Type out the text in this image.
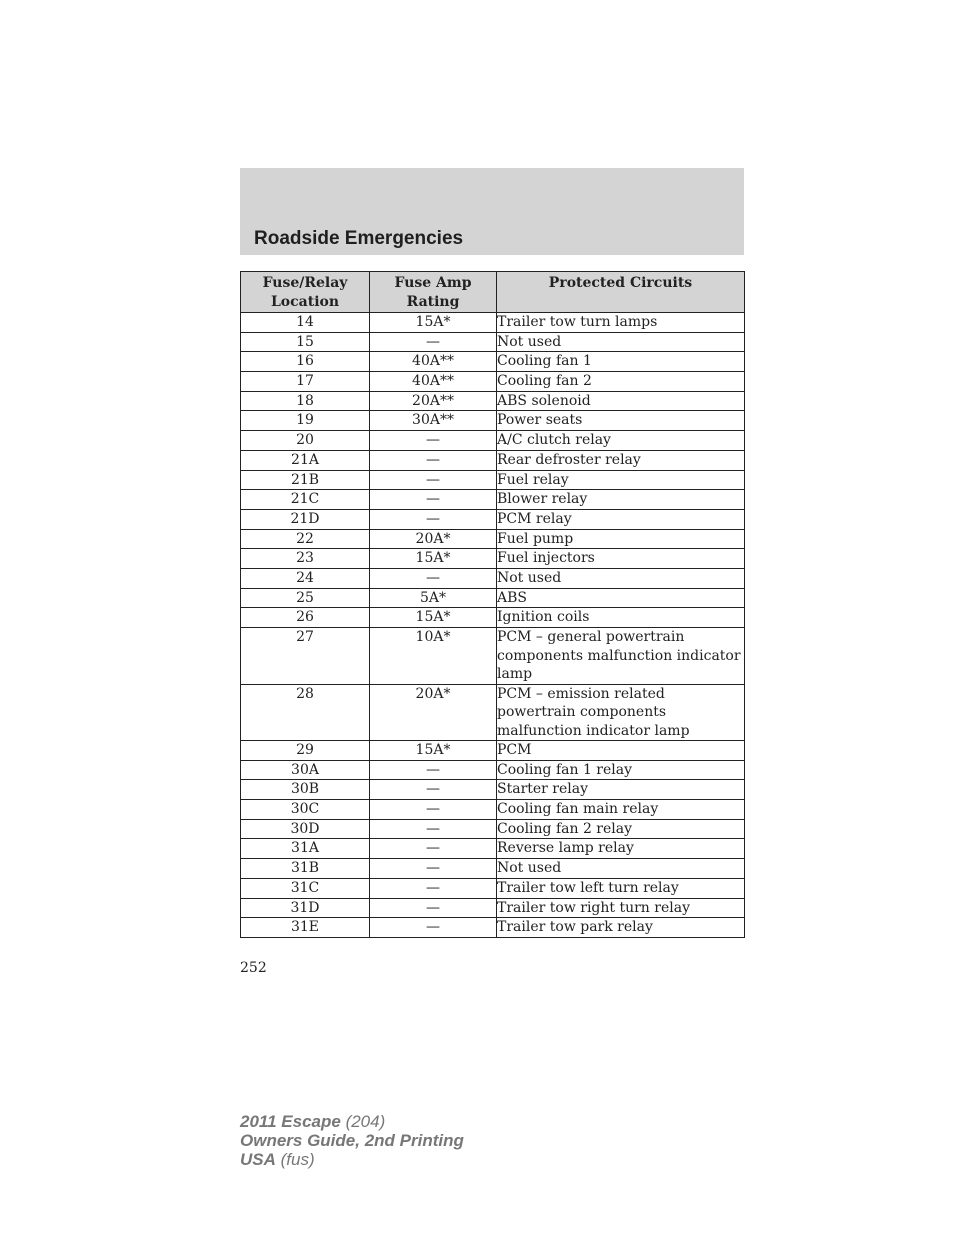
Roadside Emergencies
Fuse/Relay Location	Fuse Amp Rating	Protected Circuits
14	15A*	Trailer tow turn lamps
15	—	Not used
16	40A**	Cooling fan 1
17	40A**	Cooling fan 2
18	20A**	ABS solenoid
19	30A**	Power seats
20	—	A/C clutch relay
21A	—	Rear defroster relay
21B	—	Fuel relay
21C	—	Blower relay
21D	—	PCM relay
22	20A*	Fuel pump
23	15A*	Fuel injectors
24	—	Not used
25	5A*	ABS
26	15A*	Ignition coils
27	10A*	PCM – general powertrain components malfunction indicator lamp
28	20A*	PCM – emission related powertrain components malfunction indicator lamp
29	15A*	PCM
30A	—	Cooling fan 1 relay
30B	—	Starter relay
30C	—	Cooling fan main relay
30D	—	Cooling fan 2 relay
31A	—	Reverse lamp relay
31B	—	Not used
31C	—	Trailer tow left turn relay
31D	—	Trailer tow right turn relay
31E	—	Trailer tow park relay
252
2011 Escape (204)
Owners Guide, 2nd Printing
USA (fus)
